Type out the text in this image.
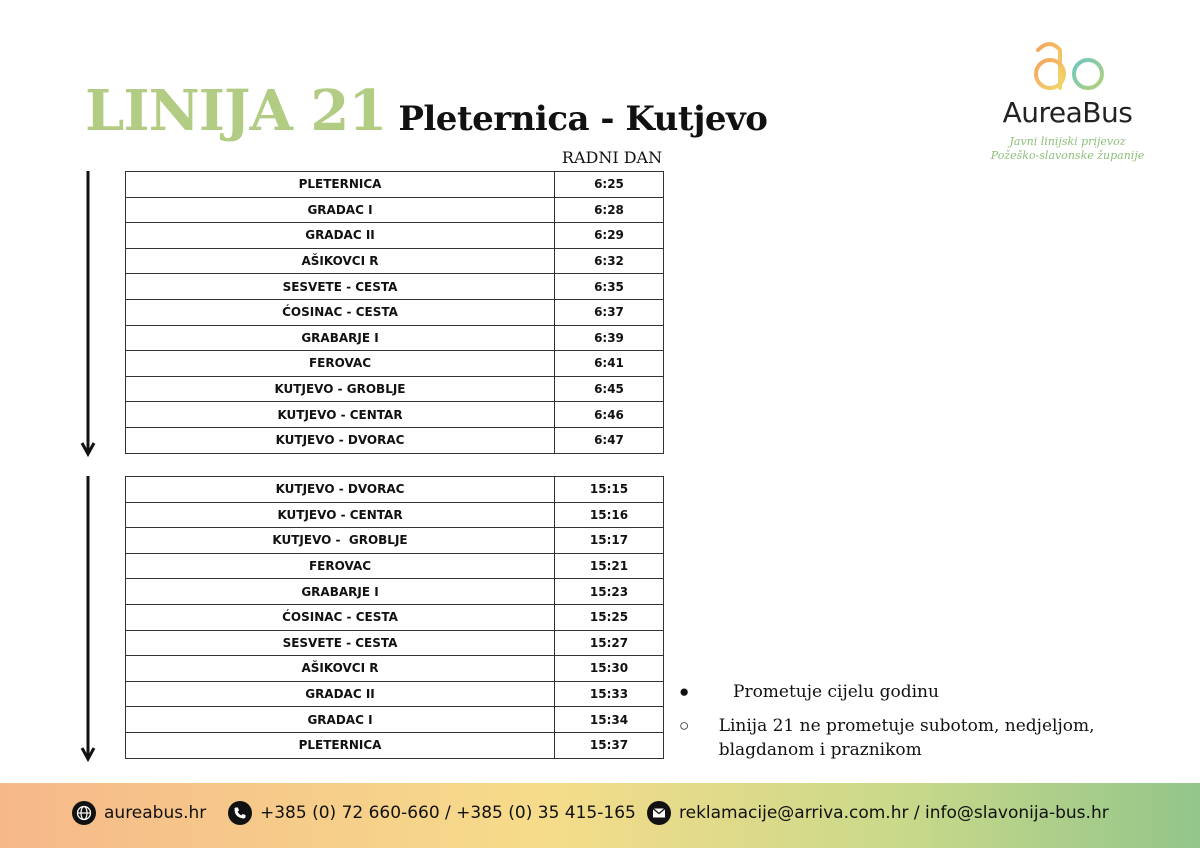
LINIJA 21 Pleternica - Kutjevo	AureaBus
Javni linijski prijevoz
Požeško-slavonske županije
RADNI DAN
PLETERNICA	6:25
GRADAC I	6:28
GRADAC II	6:29
AŠIKOVCI R	6:32
SESVETE - CESTA	6:35
ĆOSINAC - CESTA	6:37
GRABARJE I	6:39
FEROVAC	6:41
KUTJEVO - GROBLJE	6:45
KUTJEVO - CENTAR	6:46
KUTJEVO - DVORAC	6:47
KUTJEVO - DVORAC	15:15
KUTJEVO - CENTAR	15:16
KUTJEVO -  GROBLJE	15:17
FEROVAC	15:21
GRABARJE I	15:23
ĆOSINAC - CESTA	15:25
SESVETE - CESTA	15:27
AŠIKOVCI R	15:30
GRADAC II	15:33
GRADAC I	15:34
PLETERNICA	15:37
●	Prometuje cijelu godinu
○	Linija 21 ne prometuje subotom, nedjeljom, blagdanom i praznikom
aureabus.hr	+385 (0) 72 660-660 / +385 (0) 35 415-165	reklamacije@arriva.com.hr / info@slavonija-bus.hr
